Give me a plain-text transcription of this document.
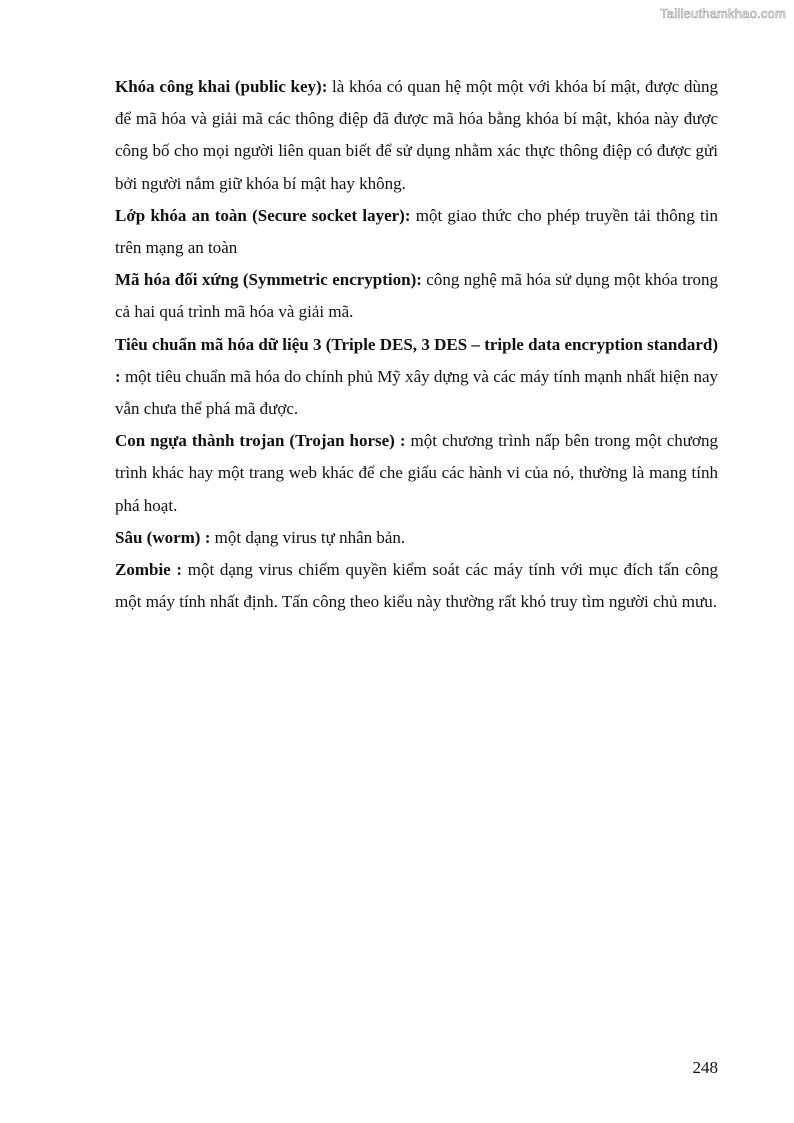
Tailieuthamkhao.com

Khóa công khai (public key): là khóa có quan hệ một một với khóa bí mật, được dùng để mã hóa và giải mã các thông điệp đã được mã hóa bằng khóa bí mật, khóa này được công bố cho mọi người liên quan biết để sử dụng nhằm xác thực thông điệp có được gửi bởi người nắm giữ khóa bí mật hay không.

Lớp khóa an toàn (Secure socket layer): một giao thức cho phép truyền tải thông tin trên mạng an toàn

Mã hóa đối xứng (Symmetric encryption): công nghệ mã hóa sử dụng một khóa trong cả hai quá trình mã hóa và giải mã.

Tiêu chuẩn mã hóa dữ liệu 3 (Triple DES, 3 DES – triple data encryption standard) : một tiêu chuẩn mã hóa do chính phủ Mỹ xây dựng và các máy tính mạnh nhất hiện nay vẫn chưa thể phá mã được.

Con ngựa thành trojan (Trojan horse) : một chương trình nấp bên trong một chương trình khác hay một trang web khác để che giấu các hành vi của nó, thường là mang tính phá hoạt.

Sâu (worm) : một dạng virus tự nhân bản.

Zombie : một dạng virus chiếm quyền kiểm soát các máy tính với mục đích tấn công một máy tính nhất định. Tấn công theo kiểu này thường rất khó truy tìm người chủ mưu.

248
